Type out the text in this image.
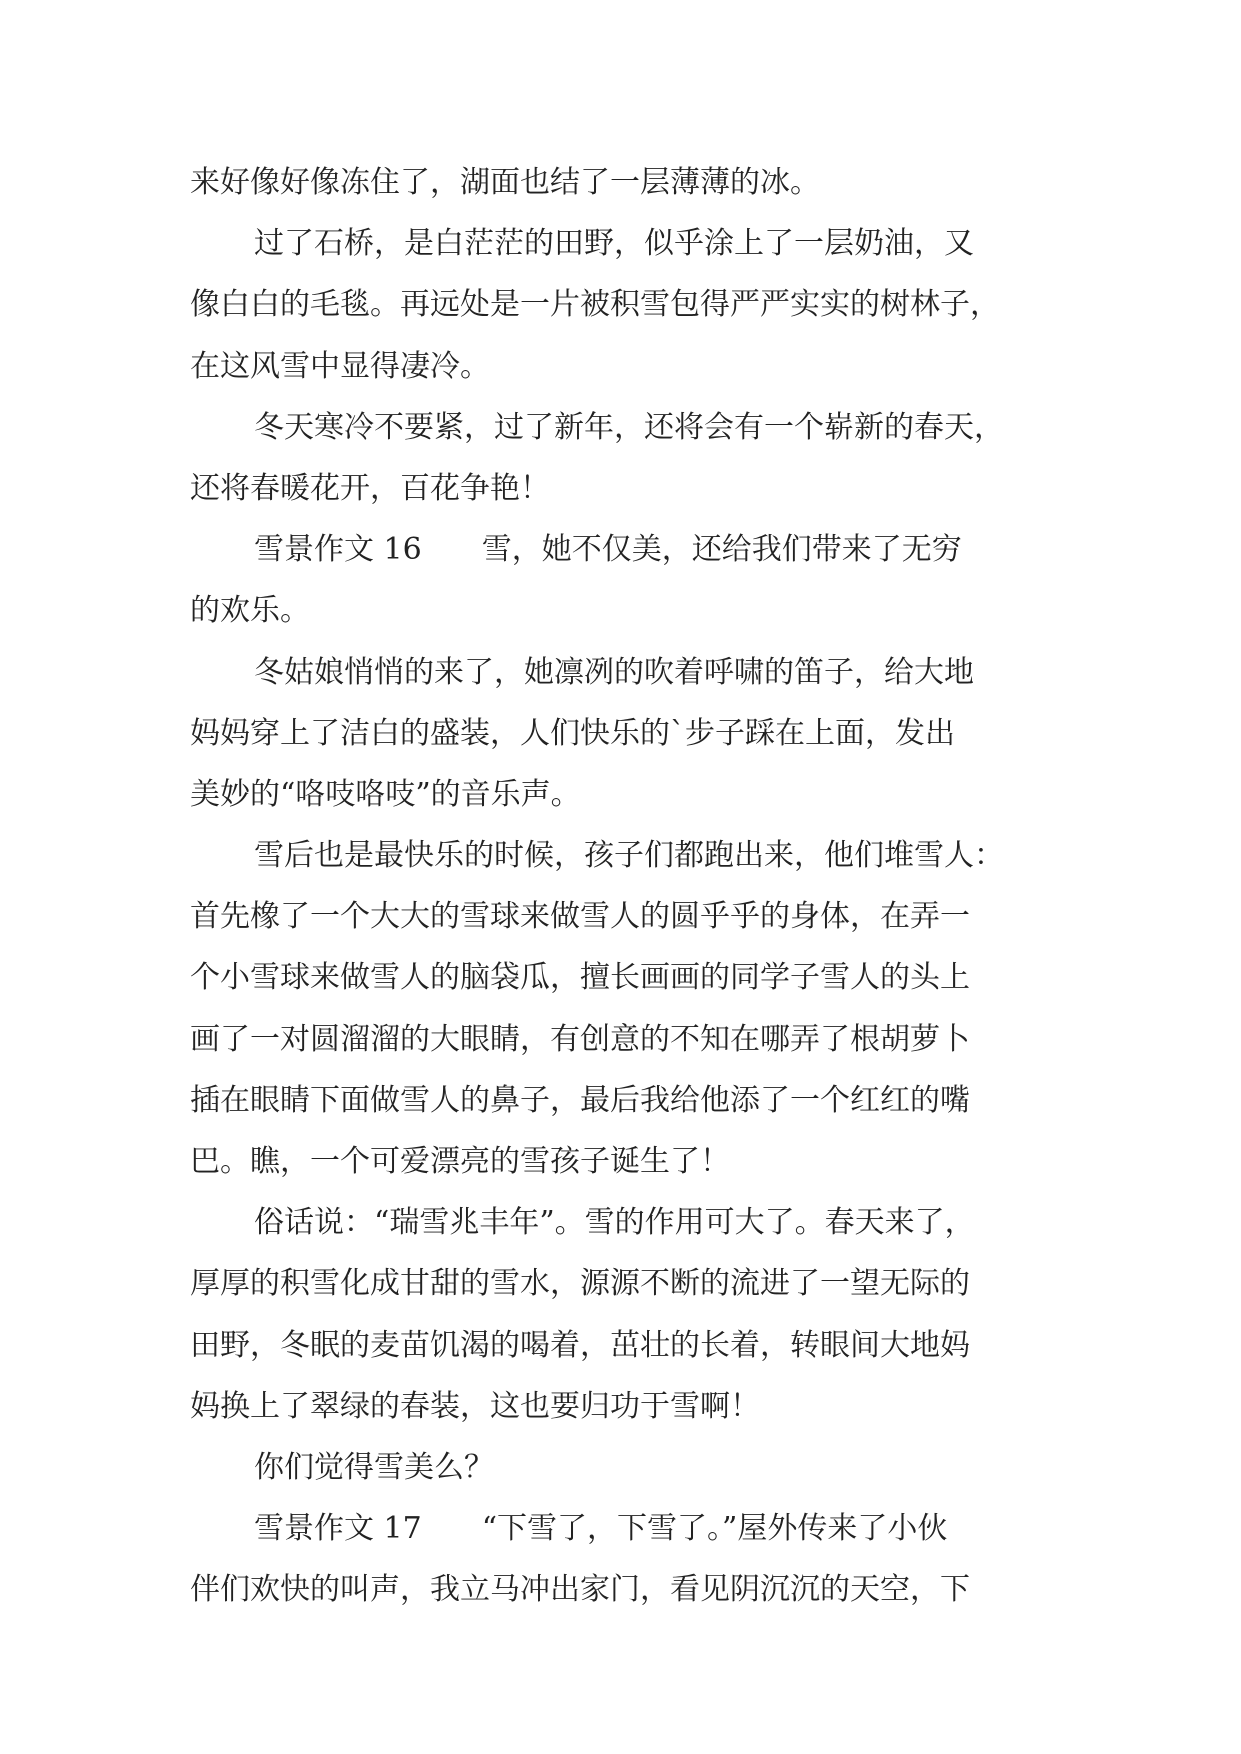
来好像好像冻住了，湖面也结了一层薄薄的冰。
过了石桥，是白茫茫的田野，似乎涂上了一层奶油，又
像白白的毛毯。再远处是一片被积雪包得严严实实的树林子，
在这风雪中显得凄冷。
冬天寒冷不要紧，过了新年，还将会有一个崭新的春天，
还将春暖花开，百花争艳！
雪景作文 16　　雪，她不仅美，还给我们带来了无穷
的欢乐。
冬姑娘悄悄的来了，她凛冽的吹着呼啸的笛子，给大地
妈妈穿上了洁白的盛装，人们快乐的`步子踩在上面，发出
美妙的“咯吱咯吱”的音乐声。
雪后也是最快乐的时候，孩子们都跑出来，他们堆雪人：
首先橡了一个大大的雪球来做雪人的圆乎乎的身体，在弄一
个小雪球来做雪人的脑袋瓜，擅长画画的同学子雪人的头上
画了一对圆溜溜的大眼睛，有创意的不知在哪弄了根胡萝卜
插在眼睛下面做雪人的鼻子，最后我给他添了一个红红的嘴
巴。瞧，一个可爱漂亮的雪孩子诞生了！
俗话说：“瑞雪兆丰年”。雪的作用可大了。春天来了，
厚厚的积雪化成甘甜的雪水，源源不断的流进了一望无际的
田野，冬眠的麦苗饥渴的喝着，茁壮的长着，转眼间大地妈
妈换上了翠绿的春装，这也要归功于雪啊！
你们觉得雪美么？
雪景作文 17　　“下雪了，下雪了。”屋外传来了小伙
伴们欢快的叫声，我立马冲出家门，看见阴沉沉的天空，下
